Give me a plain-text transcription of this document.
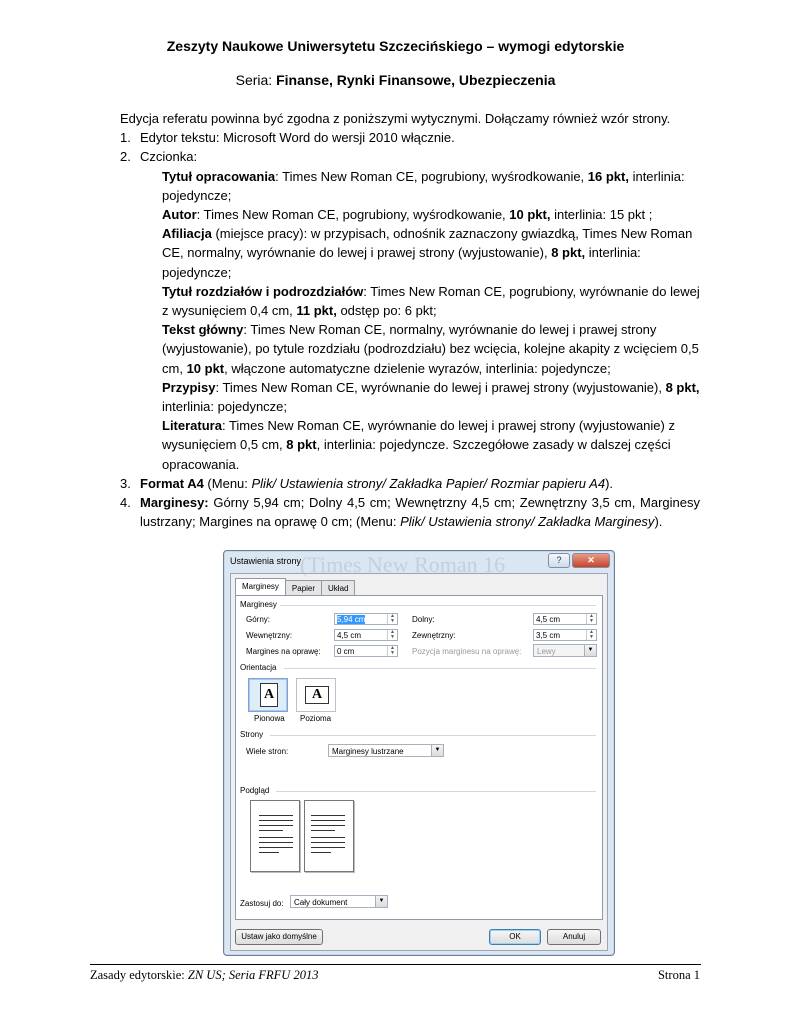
Zeszyty Naukowe Uniwersytetu Szczecińskiego – wymogi edytorskie
Seria: Finanse, Rynki Finansowe, Ubezpieczenia

Edycja referatu powinna być zgodna z poniższymi wytycznymi. Dołączamy również wzór strony.

1. Edytor tekstu: Microsoft Word do wersji 2010 włącznie.

2. Czcionka:

Tytuł opracowania: Times New Roman CE, pogrubiony, wyśrodkowanie, 16 pkt, interlinia: pojedyncze;

Autor: Times New Roman CE, pogrubiony, wyśrodkowanie, 10 pkt, interlinia: 15 pkt ;

Afiliacja (miejsce pracy): w przypisach, odnośnik zaznaczony gwiazdką, Times New Roman CE, normalny, wyrównanie do lewej i prawej strony (wyjustowanie), 8 pkt, interlinia: pojedyncze;

Tytuł rozdziałów i podrozdziałów: Times New Roman CE, pogrubiony, wyrównanie do lewej z wysunięciem 0,4 cm, 11 pkt, odstęp po: 6 pkt;

Tekst główny: Times New Roman CE, normalny, wyrównanie do lewej i prawej strony (wyjustowanie), po tytule rozdziału (podrozdziału) bez wcięcia, kolejne akapity z wcięciem 0,5 cm, 10 pkt, włączone automatyczne dzielenie wyrazów, interlinia: pojedyncze;

Przypisy: Times New Roman CE, wyrównanie do lewej i prawej strony (wyjustowanie), 8 pkt, interlinia: pojedyncze;

Literatura: Times New Roman CE, wyrównanie do lewej i prawej strony (wyjustowanie) z wysunięciem 0,5 cm, 8 pkt, interlinia: pojedyncze. Szczegółowe zasady w dalszej części opracowania.

3. Format A4 (Menu: Plik/ Ustawienia strony/ Zakładka Papier/ Rozmiar papieru A4).

4. Marginesy: Górny 5,94 cm; Dolny 4,5 cm; Wewnętrzny 4,5 cm; Zewnętrzny 3,5 cm, Marginesy lustrzany; Margines na oprawę 0 cm; (Menu: Plik/ Ustawienia strony/ Zakładka Marginesy).

Ustawienia strony	?	✕
Marginesy	Papier	Układ
Marginesy
Górny:	5,94 cm	▲
▼ Dolny:	4,5 cm	▲
▼
Wewnętrzny:	4,5 cm	▲
▼ Zewnętrzny:	3,5 cm	▲
▼
Margines na oprawę:	0 cm	▲
▼ Pozycja marginesu na oprawę:	Lewy	▼
Orientacja
A
Pionowa
A
Pozioma
Strony
Wiele stron:	Marginesy lustrzane	▼
Podgląd
Zastosuj do:	Cały dokument	▼
Ustaw jako domyślne	OK	Anuluj
(Times New Roman 16
Zasady edytorskie: ZN US; Seria FRFU 2013	Strona 1
